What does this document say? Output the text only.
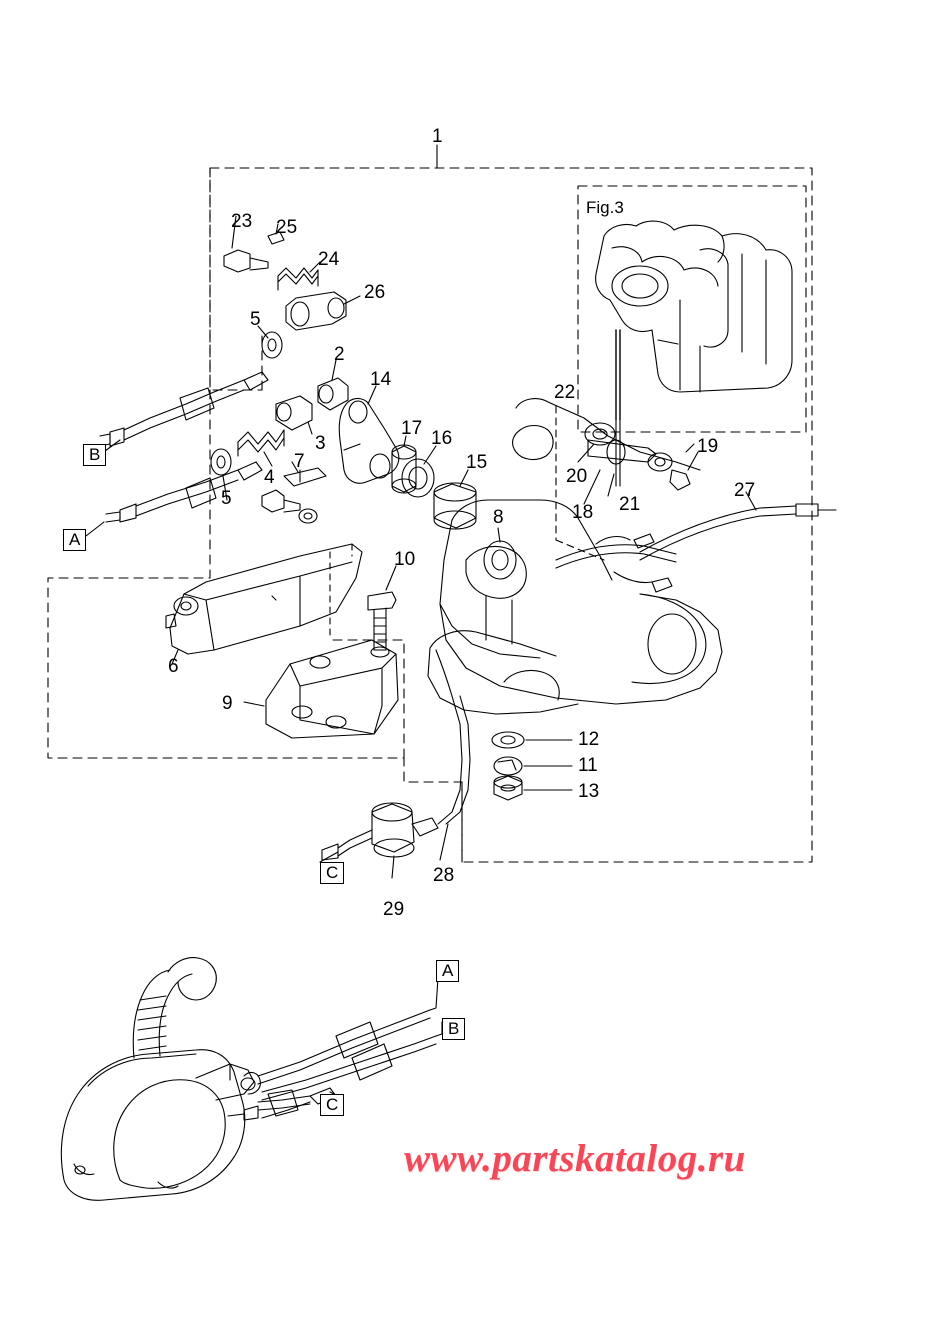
Fig.3
1
23 25
24
26
5
2
14
22
3
17 16	19
B
4
7	15
20
18 21
27
5
8
A
10
6
9
12
11
13
C	28
29
A
B
C
www.partskatalog.ru
